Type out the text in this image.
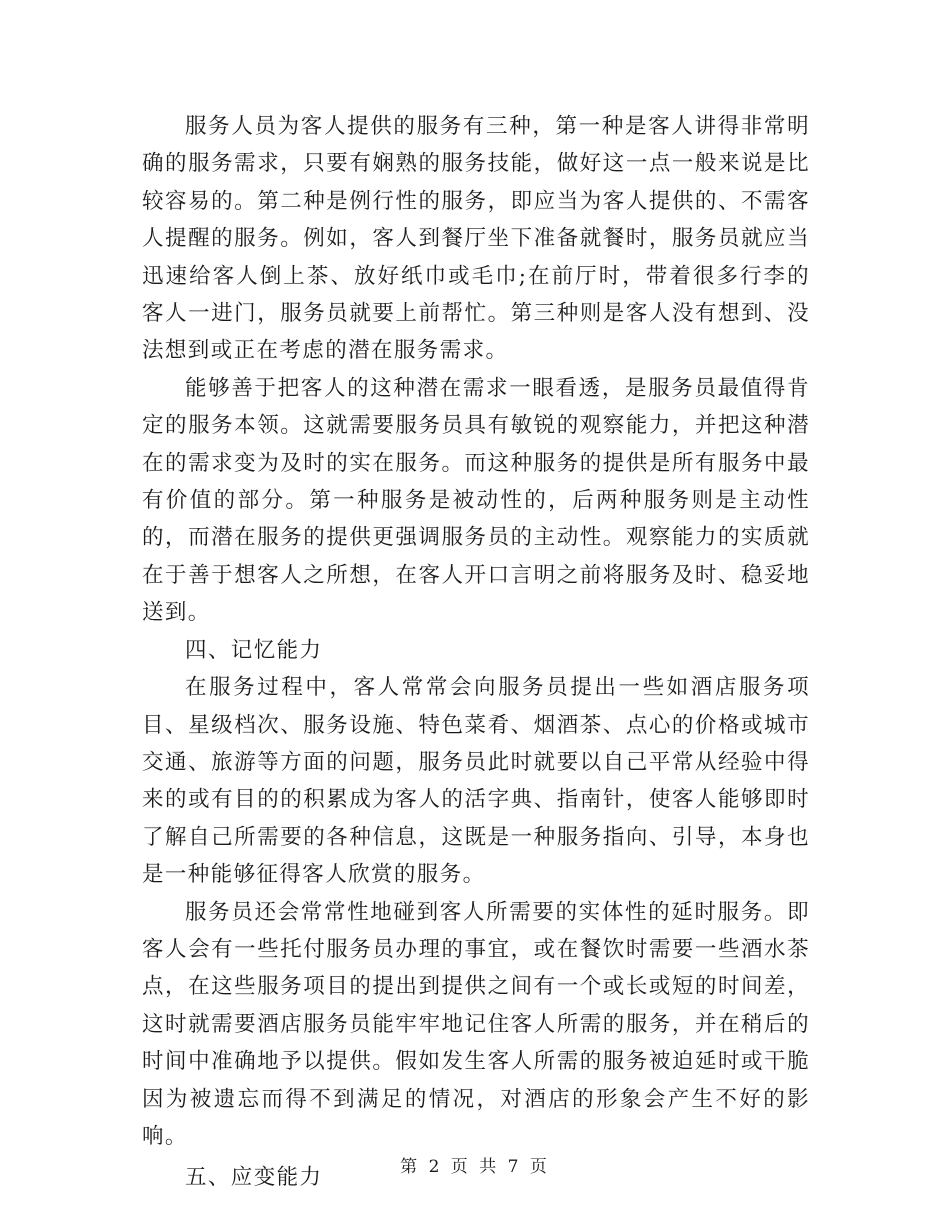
服务人员为客人提供的服务有三种，第一种是客人讲得非常明确的服务需求，只要有娴熟的服务技能，做好这一点一般来说是比较容易的。第二种是例行性的服务，即应当为客人提供的、不需客人提醒的服务。例如，客人到餐厅坐下准备就餐时，服务员就应当迅速给客人倒上茶、放好纸巾或毛巾;在前厅时，带着很多行李的客人一进门，服务员就要上前帮忙。第三种则是客人没有想到、没法想到或正在考虑的潜在服务需求。

能够善于把客人的这种潜在需求一眼看透，是服务员最值得肯定的服务本领。这就需要服务员具有敏锐的观察能力，并把这种潜在的需求变为及时的实在服务。而这种服务的提供是所有服务中最有价值的部分。第一种服务是被动性的，后两种服务则是主动性的，而潜在服务的提供更强调服务员的主动性。观察能力的实质就在于善于想客人之所想，在客人开口言明之前将服务及时、稳妥地送到。

四、记忆能力

在服务过程中，客人常常会向服务员提出一些如酒店服务项目、星级档次、服务设施、特色菜肴、烟酒茶、点心的价格或城市交通、旅游等方面的问题，服务员此时就要以自己平常从经验中得来的或有目的的积累成为客人的活字典、指南针，使客人能够即时了解自己所需要的各种信息，这既是一种服务指向、引导，本身也是一种能够征得客人欣赏的服务。

服务员还会常常性地碰到客人所需要的实体性的延时服务。即客人会有一些托付服务员办理的事宜，或在餐饮时需要一些酒水茶点，在这些服务项目的提出到提供之间有一个或长或短的时间差，这时就需要酒店服务员能牢牢地记住客人所需的服务，并在稍后的时间中准确地予以提供。假如发生客人所需的服务被迫延时或干脆因为被遗忘而得不到满足的情况，对酒店的形象会产生不好的影响。

五、应变能力	第 2 页 共 7 页
